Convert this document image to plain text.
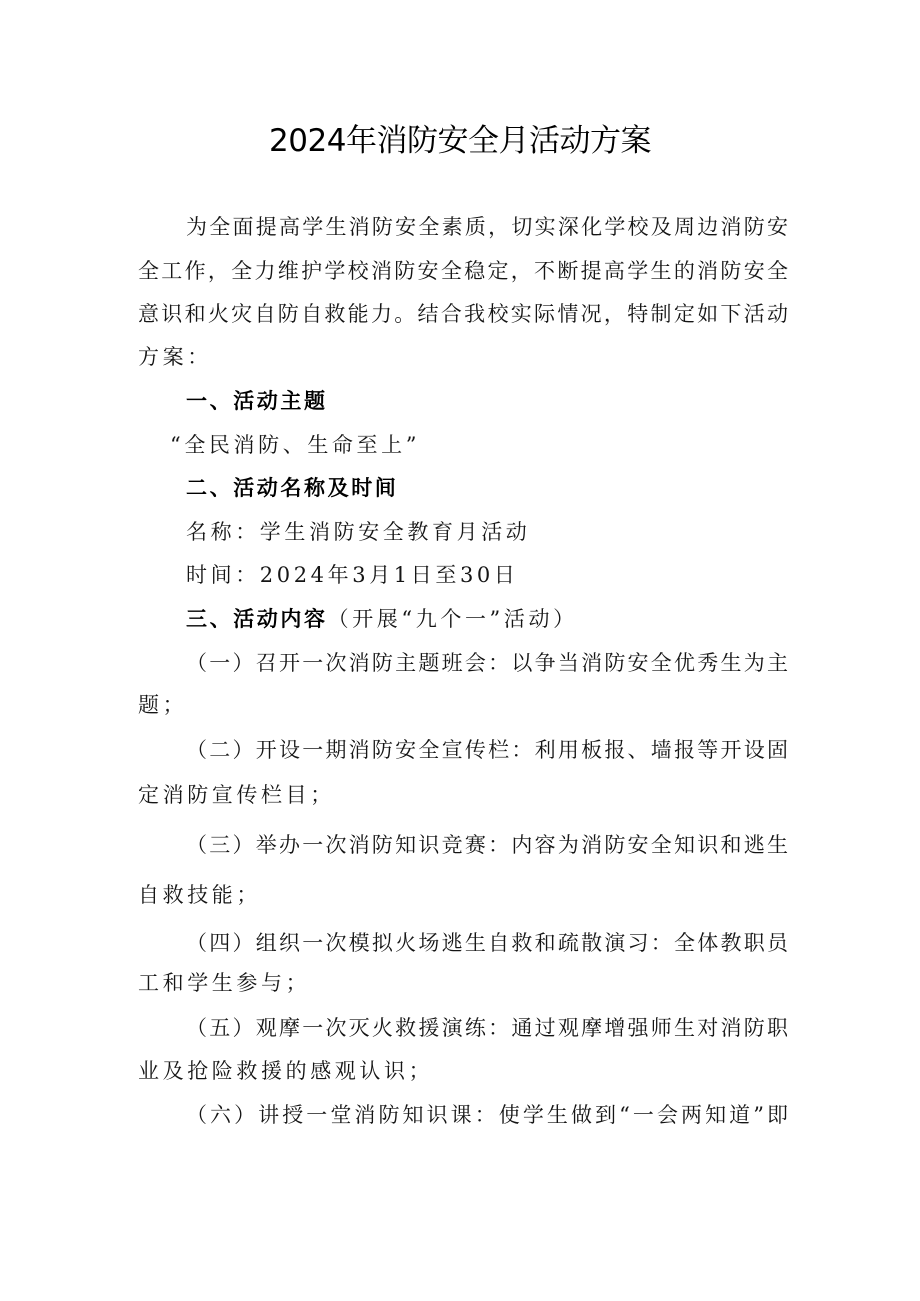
2024年消防安全月活动方案

为全面提高学生消防安全素质，切实深化学校及周边消防安

全工作，全力维护学校消防安全稳定，不断提高学生的消防安全

意识和火灾自防自救能力。结合我校实际情况，特制定如下活动

方案：

一、活动主题

“全民消防、生命至上”

二、活动名称及时间

名称：学生消防安全教育月活动

时间：2024年3月1日至30日

三、活动内容（开展“九个一”活动）

（一）召开一次消防主题班会：以争当消防安全优秀生为主

题；

（二）开设一期消防安全宣传栏：利用板报、墙报等开设固

定消防宣传栏目；

（三）举办一次消防知识竞赛：内容为消防安全知识和逃生

自救技能；

（四）组织一次模拟火场逃生自救和疏散演习：全体教职员

工和学生参与；

（五）观摩一次灭火救援演练：通过观摩增强师生对消防职

业及抢险救援的感观认识；

（六）讲授一堂消防知识课：使学生做到“一会两知道”即
